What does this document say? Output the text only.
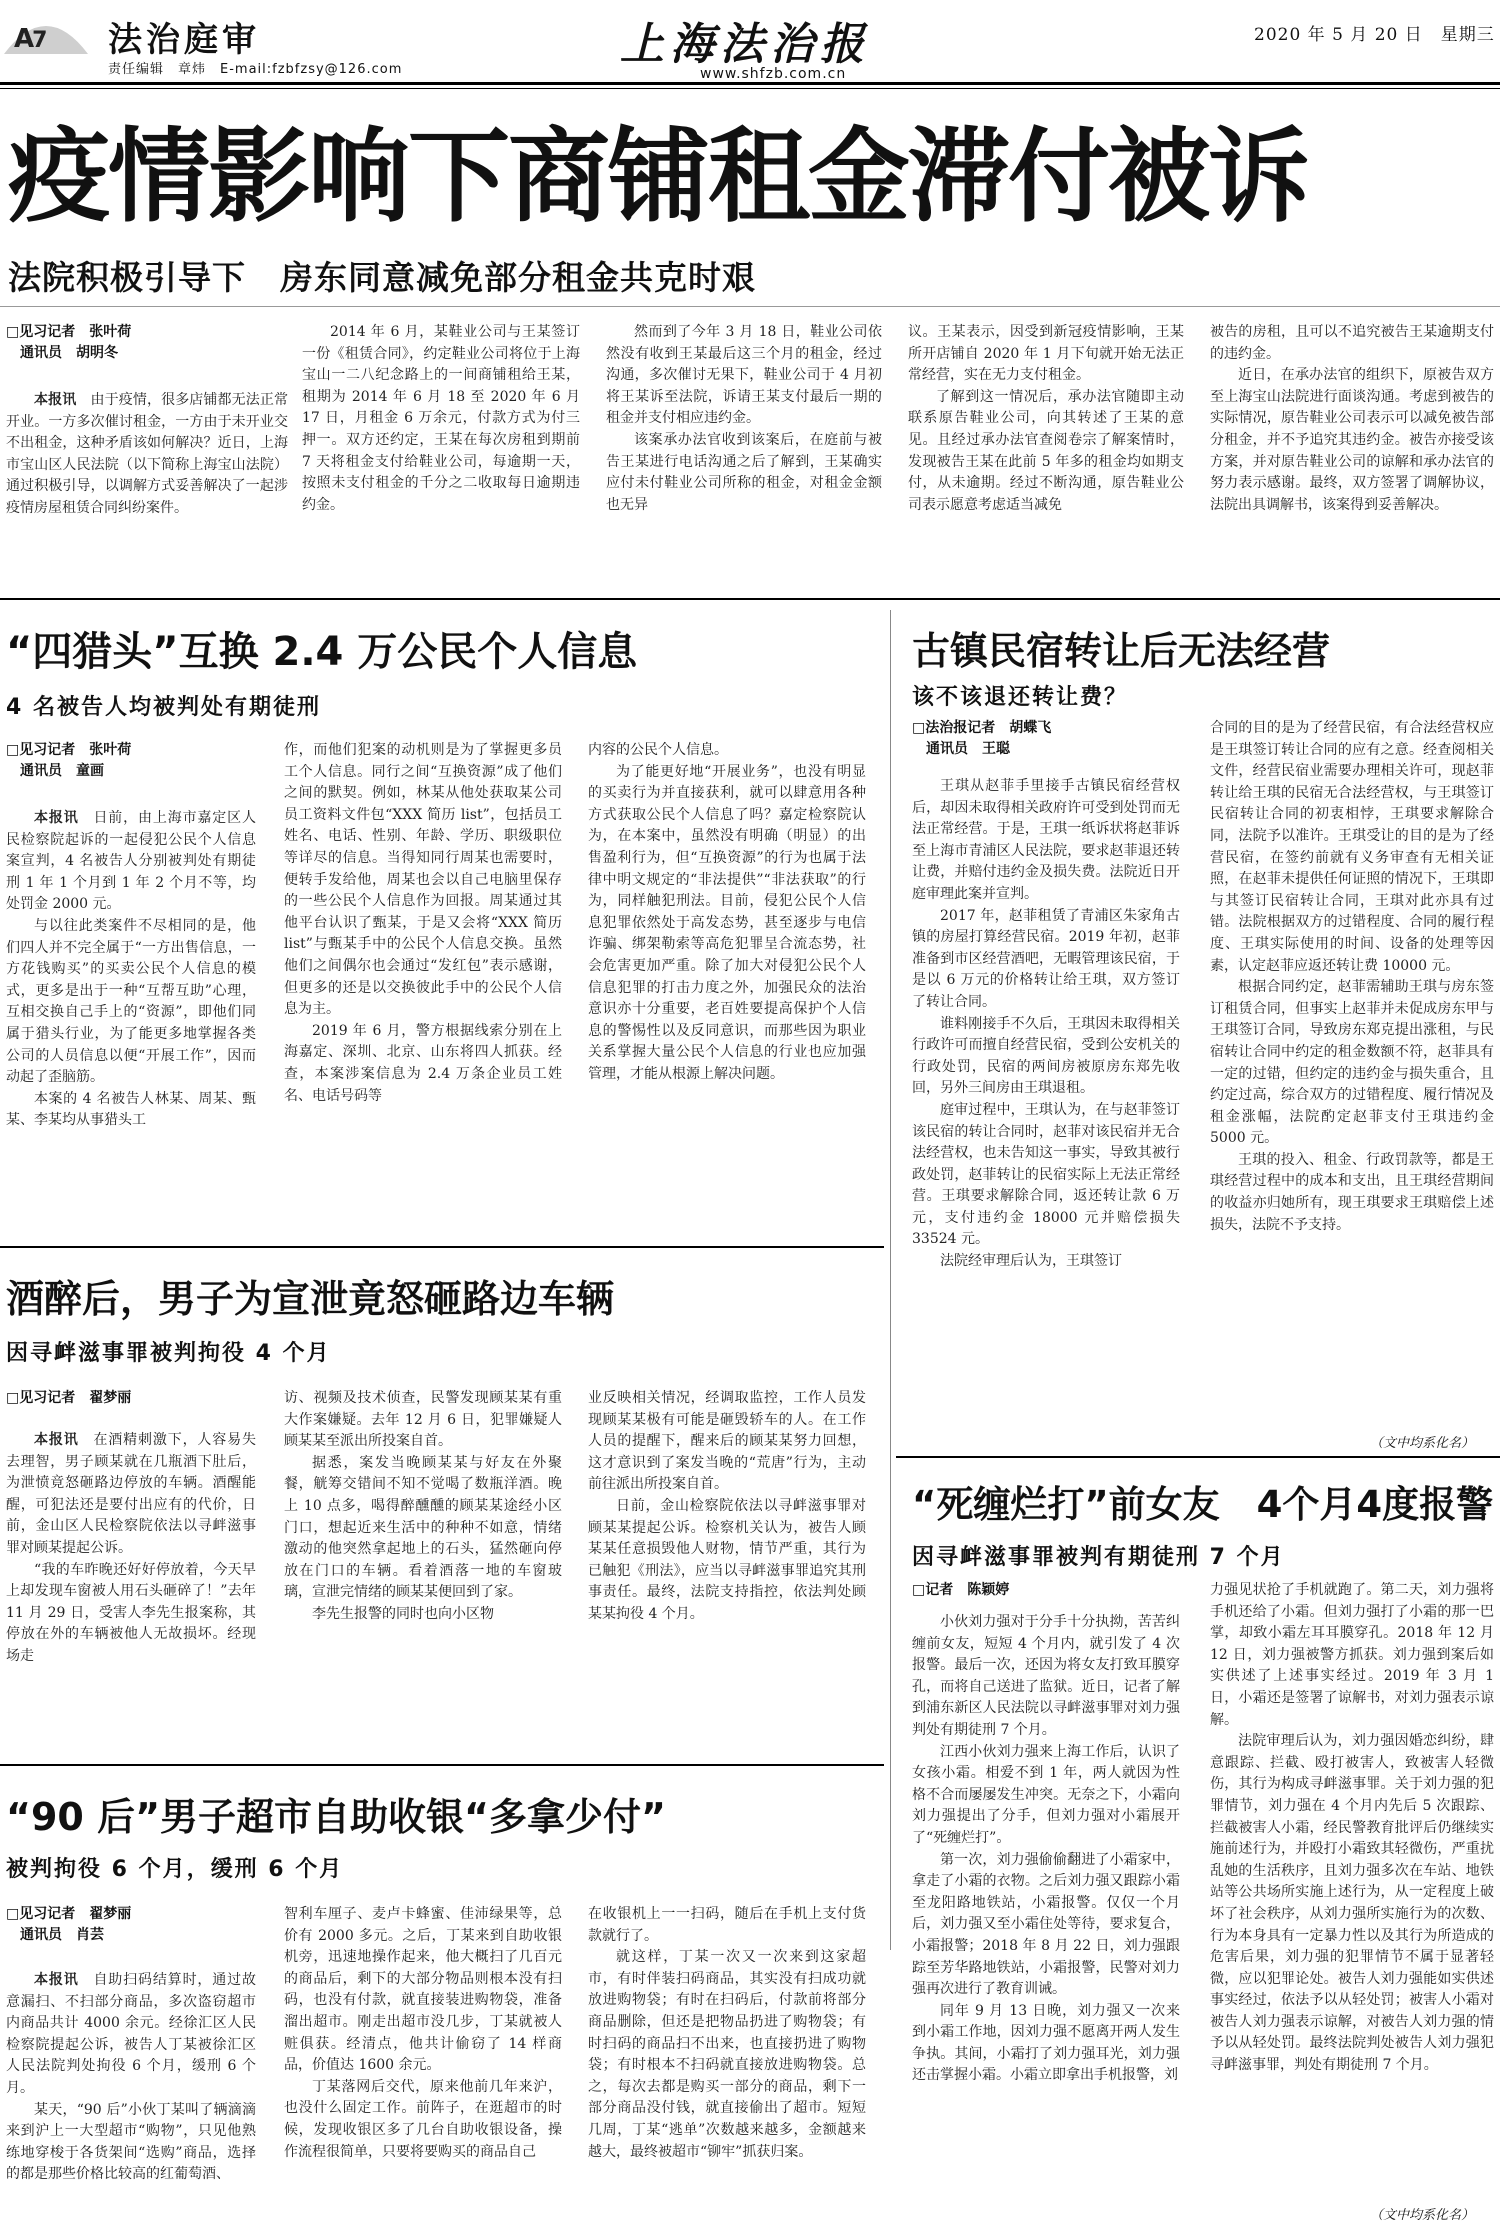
A7 法治庭审
责任编辑　章炜　E-mail:fzbfzsy@126.com	上海法治报
www.shfzb.com.cn
2020 年 5 月 20 日　星期三
疫情影响下商铺租金滞付被诉
法院积极引导下　房东同意减免部分租金共克时艰
□见习记者　张叶荷
通讯员　胡明冬

本报讯　 由于疫情，很多店铺都无法正常开业。一方多次催讨租金，一方由于未开业交不出租金，这种矛盾该如何解决？近日，上海市宝山区人民法院（以下简称上海宝山法院）通过积极引导，以调解方式妥善解决了一起涉疫情房屋租赁合同纠纷案件。

2014 年 6 月，某鞋业公司与王某签订一份《租赁合同》，约定鞋业公司将位于上海宝山一二八纪念路上的一间商铺租给王某，租期为 2014 年 6 月 18 至 2020 年 6 月 17 日，月租金 6 万余元，付款方式为付三押一。双方还约定，王某在每次房租到期前 7 天将租金支付给鞋业公司，每逾期一天，按照未支付租金的千分之二收取每日逾期违约金。

然而到了今年 3 月 18 日，鞋业公司依然没有收到王某最后这三个月的租金，经过沟通，多次催讨无果下，鞋业公司于 4 月初将王某诉至法院，诉请王某支付最后一期的租金并支付相应违约金。

该案承办法官收到该案后，在庭前与被告王某进行电话沟通之后了解到，王某确实应付未付鞋业公司所称的租金，对租金金额也无异

议。王某表示，因受到新冠疫情影响，王某所开店铺自 2020 年 1 月下旬就开始无法正常经营，实在无力支付租金。

了解到这一情况后，承办法官随即主动联系原告鞋业公司，向其转述了王某的意见。且经过承办法官查阅卷宗了解案情时，发现被告王某在此前 5 年多的租金均如期支付，从未逾期。经过不断沟通，原告鞋业公司表示愿意考虑适当减免

被告的房租，且可以不追究被告王某逾期支付的违约金。

近日，在承办法官的组织下，原被告双方至上海宝山法院进行面谈沟通。考虑到被告的实际情况，原告鞋业公司表示可以减免被告部分租金，并不予追究其违约金。被告亦接受该方案，并对原告鞋业公司的谅解和承办法官的努力表示感谢。最终，双方签署了调解协议，法院出具调解书，该案得到妥善解决。

“四猎头”互换 2.4 万公民个人信息
4 名被告人均被判处有期徒刑
□见习记者　张叶荷
通讯员　童画

本报讯　 日前，由上海市嘉定区人民检察院起诉的一起侵犯公民个人信息案宣判，4 名被告人分别被判处有期徒刑 1 年 1 个月到 1 年 2 个月不等，均处罚金 2000 元。

与以往此类案件不尽相同的是，他们四人并不完全属于“一方出售信息，一方花钱购买”的买卖公民个人信息的模式，更多是出于一种“互帮互助”心理，互相交换自己手上的“资源”，即他们同属于猎头行业，为了能更多地掌握各类公司的人员信息以便“开展工作”，因而动起了歪脑筋。

本案的 4 名被告人林某、周某、甄某、李某均从事猎头工

作，而他们犯案的动机则是为了掌握更多员工个人信息。同行之间“互换资源”成了他们之间的默契。例如，林某从他处获取某公司员工资料文件包“XXX 简历 list”，包括员工姓名、电话、性别、年龄、学历、职级职位等详尽的信息。当得知同行周某也需要时，便转手发给他，周某也会以自己电脑里保存的一些公民个人信息作为回报。周某通过其他平台认识了甄某，于是又会将“XXX 简历 list”与甄某手中的公民个人信息交换。虽然他们之间偶尔也会通过“发红包”表示感谢，但更多的还是以交换彼此手中的公民个人信息为主。

2019 年 6 月，警方根据线索分别在上海嘉定、深圳、北京、山东将四人抓获。经查，本案涉案信息为 2.4 万条企业员工姓名、电话号码等

内容的公民个人信息。

为了能更好地“开展业务”，也没有明显的买卖行为并直接获利，就可以肆意用各种方式获取公民个人信息了吗？嘉定检察院认为，在本案中，虽然没有明确（明显）的出售盈利行为，但“互换资源”的行为也属于法律中明文规定的“非法提供”“非法获取”的行为，同样触犯刑法。目前，侵犯公民个人信息犯罪依然处于高发态势，甚至逐步与电信诈骗、绑架勒索等高危犯罪呈合流态势，社会危害更加严重。除了加大对侵犯公民个人信息犯罪的打击力度之外，加强民众的法治意识亦十分重要，老百姓要提高保护个人信息的警惕性以及反同意识，而那些因为职业关系掌握大量公民个人信息的行业也应加强管理，才能从根源上解决问题。

古镇民宿转让后无法经营
该不该退还转让费？
□法治报记者　胡蝶飞
通讯员　王聪

王琪从赵菲手里接手古镇民宿经营权后，却因未取得相关政府许可受到处罚而无法正常经营。于是，王琪一纸诉状将赵菲诉至上海市青浦区人民法院，要求赵菲退还转让费，并赔付违约金及损失费。法院近日开庭审理此案并宣判。

2017 年，赵菲租赁了青浦区朱家角古镇的房屋打算经营民宿。2019 年初，赵菲准备到市区经营酒吧，无暇管理该民宿，于是以 6 万元的价格转让给王琪，双方签订了转让合同。

谁料刚接手不久后，王琪因未取得相关行政许可而擅自经营民宿，受到公安机关的行政处罚，民宿的两间房被原房东郑先收回，另外三间房由王琪退租。

庭审过程中，王琪认为，在与赵菲签订该民宿的转让合同时，赵菲对该民宿并无合法经营权，也未告知这一事实，导致其被行政处罚，赵菲转让的民宿实际上无法正常经营。王琪要求解除合同，返还转让款 6 万元，支付违约金 18000 元并赔偿损失 33524 元。

法院经审理后认为，王琪签订

合同的目的是为了经营民宿，有合法经营权应是王琪签订转让合同的应有之意。经查阅相关文件，经营民宿业需要办理相关许可，现赵菲转让给王琪的民宿无合法经营权，与王琪签订民宿转让合同的初衷相悖，王琪要求解除合同，法院予以准许。王琪受让的目的是为了经营民宿，在签约前就有义务审查有无相关证照，在赵菲未提供任何证照的情况下，王琪即与其签订民宿转让合同，王琪对此亦具有过错。法院根据双方的过错程度、合同的履行程度、王琪实际使用的时间、设备的处理等因素，认定赵菲应返还转让费 10000 元。

根据合同约定，赵菲需辅助王琪与房东签订租赁合同，但事实上赵菲并未促成房东甲与王琪签订合同，导致房东郑克提出涨租，与民宿转让合同中约定的租金数额不符，赵菲具有一定的过错，但约定的违约金与损失重合，且约定过高，综合双方的过错程度、履行情况及租金涨幅，法院酌定赵菲支付王琪违约金 5000 元。

王琪的投入、租金、行政罚款等，都是王琪经营过程中的成本和支出，且王琪经营期间的收益亦归她所有，现王琪要求王琪赔偿上述损失，法院不予支持。

（文中均系化名）
酒醉后，男子为宣泄竟怒砸路边车辆
因寻衅滋事罪被判拘役 4 个月
□见习记者　翟梦丽

本报讯　 在酒精刺激下，人容易失去理智，男子顾某就在几瓶酒下肚后，为泄愤竟怒砸路边停放的车辆。酒醒能醒，可犯法还是要付出应有的代价，日前，金山区人民检察院依法以寻衅滋事罪对顾某提起公诉。

“我的车昨晚还好好停放着，今天早上却发现车窗被人用石头砸碎了！”去年 11 月 29 日，受害人李先生报案称，其停放在外的车辆被他人无故损坏。经现场走

访、视频及技术侦查，民警发现顾某某有重大作案嫌疑。去年 12 月 6 日，犯罪嫌疑人顾某某至派出所投案自首。

据悉，案发当晚顾某某与好友在外聚餐，觥筹交错间不知不觉喝了数瓶洋酒。晚上 10 点多，喝得醉醺醺的顾某某途经小区门口，想起近来生活中的种种不如意，情绪激动的他突然拿起地上的石头，猛然砸向停放在门口的车辆。看着酒落一地的车窗玻璃，宣泄完情绪的顾某某便回到了家。

李先生报警的同时也向小区物

业反映相关情况，经调取监控，工作人员发现顾某某极有可能是砸毁轿车的人。在工作人员的提醒下，醒来后的顾某某努力回想，这才意识到了案发当晚的“荒唐”行为，主动前往派出所投案自首。

日前，金山检察院依法以寻衅滋事罪对顾某某提起公诉。检察机关认为，被告人顾某某任意损毁他人财物，情节严重，其行为已触犯《刑法》，应当以寻衅滋事罪追究其刑事责任。最终，法院支持指控，依法判处顾某某拘役 4 个月。

“死缠烂打”前女友　4个月4度报警
因寻衅滋事罪被判有期徒刑 7 个月
□记者　陈颖婷

小伙刘力强对于分手十分执拗，苦苦纠缠前女友，短短 4 个月内，就引发了 4 次报警。最后一次，还因为将女友打致耳膜穿孔，而将自己送进了监狱。近日，记者了解到浦东新区人民法院以寻衅滋事罪对刘力强判处有期徒刑 7 个月。

江西小伙刘力强来上海工作后，认识了女孩小霜。相爱不到 1 年，两人就因为性格不合而屡屡发生冲突。无奈之下，小霜向刘力强提出了分手，但刘力强对小霜展开了“死缠烂打”。

第一次，刘力强偷偷翻进了小霜家中，拿走了小霜的衣物。之后刘力强又跟踪小霜至龙阳路地铁站，小霜报警。仅仅一个月后，刘力强又至小霜住处等待，要求复合，小霜报警；2018 年 8 月 22 日，刘力强跟踪至芳华路地铁站，小霜报警，民警对刘力强再次进行了教育训诫。

同年 9 月 13 日晚，刘力强又一次来到小霜工作地，因刘力强不愿离开两人发生争执。其间，小霜打了刘力强耳光，刘力强还击掌握小霜。小霜立即拿出手机报警，刘

力强见状抢了手机就跑了。第二天，刘力强将手机还给了小霜。但刘力强打了小霜的那一巴掌，却致小霜左耳耳膜穿孔。2018 年 12 月 12 日，刘力强被警方抓获。刘力强到案后如实供述了上述事实经过。2019 年 3 月 1 日，小霜还是签署了谅解书，对刘力强表示谅解。

法院审理后认为，刘力强因婚恋纠纷，肆意跟踪、拦截、殴打被害人，致被害人轻微伤，其行为构成寻衅滋事罪。关于刘力强的犯罪情节，刘力强在 4 个月内先后 5 次跟踪、拦截被害人小霜，经民警教育批评后仍继续实施前述行为，并殴打小霜致其轻微伤，严重扰乱她的生活秩序，且刘力强多次在车站、地铁站等公共场所实施上述行为，从一定程度上破坏了社会秩序，从刘力强所实施行为的次数、行为本身具有一定暴力性以及其行为所造成的危害后果，刘力强的犯罪情节不属于显著轻微，应以犯罪论处。被告人刘力强能如实供述事实经过，依法予以从轻处罚；被害人小霜对被告人刘力强表示谅解，对被告人刘力强的情予以从轻处罚。最终法院判处被告人刘力强犯寻衅滋事罪，判处有期徒刑 7 个月。

（文中均系化名）
“90 后”男子超市自助收银“多拿少付”
被判拘役 6 个月，缓刑 6 个月
□见习记者　翟梦丽
通讯员　肖芸

本报讯　 自助扫码结算时，通过故意漏扫、不扫部分商品，多次盗窃超市内商品共计 4000 余元。经徐汇区人民检察院提起公诉，被告人丁某被徐汇区人民法院判处拘役 6 个月，缓刑 6 个月。

某天，“90 后”小伙丁某叫了辆滴滴来到沪上一大型超市“购物”，只见他熟练地穿梭于各货架间“选购”商品，选择的都是那些价格比较高的红葡萄酒、

智利车厘子、麦卢卡蜂蜜、佳沛绿果等，总价有 2000 多元。之后，丁某来到自助收银机旁，迅速地操作起来，他大概扫了几百元的商品后，剩下的大部分物品则根本没有扫码，也没有付款，就直接装进购物袋，准备溜出超市。刚走出超市没几步，丁某就被人赃俱获。经清点，他共计偷窃了 14 样商品，价值达 1600 余元。

丁某落网后交代，原来他前几年来沪，也没什么固定工作。前阵子，在逛超市的时候，发现收银区多了几台自助收银设备，操作流程很简单，只要将要购买的商品自己

在收银机上一一扫码，随后在手机上支付货款就行了。

就这样，丁某一次又一次来到这家超市，有时伴装扫码商品，其实没有扫成功就放进购物袋；有时在扫码后，付款前将部分商品删除，但还是把物品扔进了购物袋；有时扫码的商品扫不出来，也直接扔进了购物袋；有时根本不扫码就直接放进购物袋。总之，每次去都是购买一部分的商品，剩下一部分商品没付钱，就直接偷出了超市。短短几周，丁某“逃单”次数越来越多，金额越来越大，最终被超市“铆牢”抓获归案。
